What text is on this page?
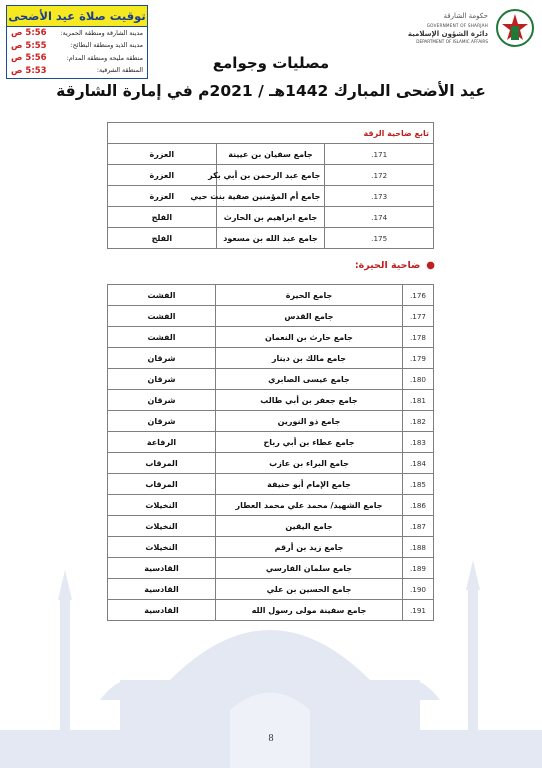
توقيت صلاة عيد الأضحى
مدينة الشارقة ومنطقة الحمرية:
5:56 ص
مدينة الذيد ومنطقة البطائح:
5:55 ص
منطقة مليحة ومنطقة المدام:
5:56 ص
المنطقة الشرقية:
5:53 ص
حكومة الشارقة
GOVERNMENT OF SHARJAH
دائرة الشؤون الإسلامية
DEPARTMENT OF ISLAMIC AFFAIRS
مصليات وجوامع
عيد الأضحى المبارك 1442هـ / 2021م في إمارة الشارقة
تابع ضاحية الرقة		
171.	جامع سفيان بن عيينة	العزرة
172.	جامع عبد الرحمن بن أبي بكر	العزرة
173.	جامع أم المؤمنين صفية بنت حيي	العزرة
174.	جامع ابراهيم بن الحارث	الفلج
175.	جامع عبد الله بن مسعود	الفلج
●
ضاحية الحيرة:
176.	جامع الحيرة	الفشت
177.	جامع القدس	الفشت
178.	جامع حارث بن النعمان	الفشت
179.	جامع مالك بن دينار	شرقان
180.	جامع عيسى الصابري	شرقان
181.	جامع جعفر بن أبي طالب	شرقان
182.	جامع ذو النورين	شرقان
183.	جامع عطاء بن أبي رباح	الرفاعة
184.	جامع البراء بن عازب	المرقاب
185.	جامع الإمام أبو حنيفة	المرقاب
186.	جامع الشهيد/ محمد علي محمد العطار	النخيلات
187.	جامع اليقين	النخيلات
188.	جامع زيد بن أرقم	النخيلات
189.	جامع سلمان الفارسي	القادسية
190.	جامع الحسين بن علي	القادسية
191.	جامع سفينة مولى رسول الله	القادسية
8
